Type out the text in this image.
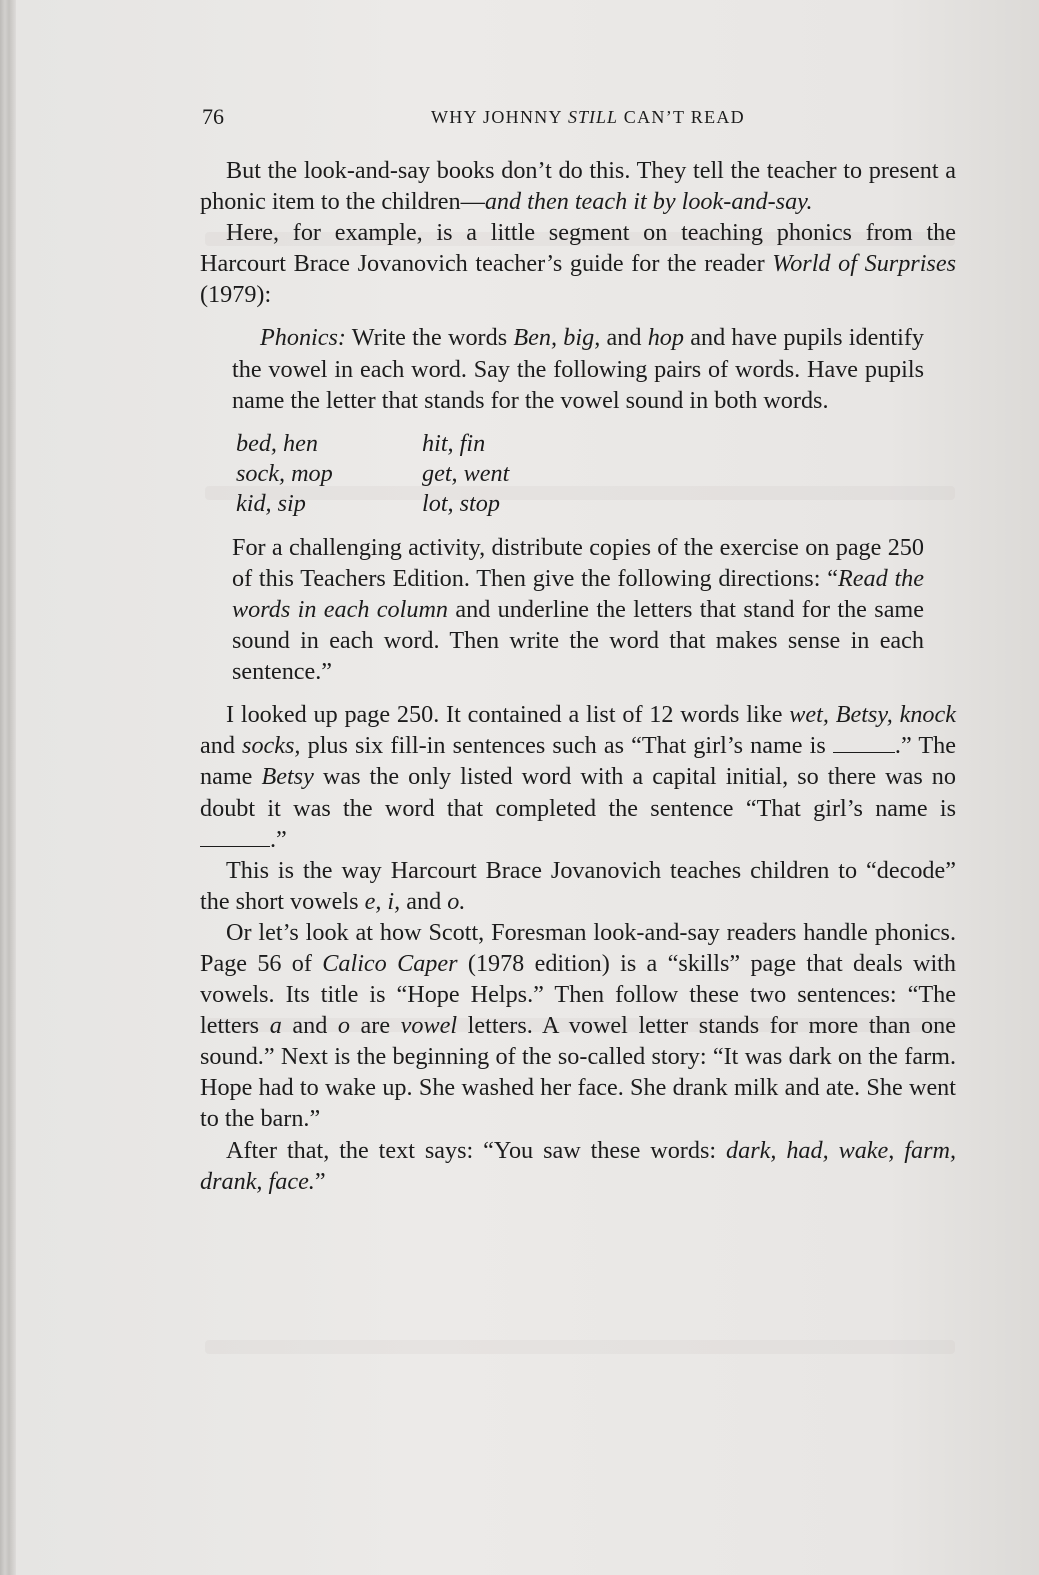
76	WHY JOHNNY STILL CAN’T READ

But the look-and-say books don’t do this. They tell the teacher to present a phonic item to the children—and then teach it by look-and-say.

Here, for example, is a little segment on teaching phonics from the Harcourt Brace Jovanovich teacher’s guide for the reader World of Surprises (1979):

Phonics: Write the words Ben, big, and hop and have pupils identify the vowel in each word. Say the following pairs of words. Have pupils name the letter that stands for the vowel sound in both words.

bed, hen	hit, fin
sock, mop	get, went
kid, sip	lot, stop

For a challenging activity, distribute copies of the exercise on page 250 of this Teachers Edition. Then give the following directions: “Read the words in each column and underline the letters that stand for the same sound in each word. Then write the word that makes sense in each sentence.”

I looked up page 250. It contained a list of 12 words like wet, Betsy, knock and socks, plus six fill-in sentences such as “That girl’s name is	.” The name Betsy was the only listed word with a capital initial, so there was no doubt it was the word that completed the sentence “That girl’s name is .”

This is the way Harcourt Brace Jovanovich teaches children to “decode” the short vowels e, i, and o.

Or let’s look at how Scott, Foresman look-and-say readers handle phonics. Page 56 of Calico Caper (1978 edition) is a “skills” page that deals with vowels. Its title is “Hope Helps.” Then follow these two sentences: “The letters a and o are vowel letters. A vowel letter stands for more than one sound.” Next is the beginning of the so-called story: “It was dark on the farm. Hope had to wake up. She washed her face. She drank milk and ate. She went to the barn.”

After that, the text says: “You saw these words: dark, had, wake, farm, drank, face.”
